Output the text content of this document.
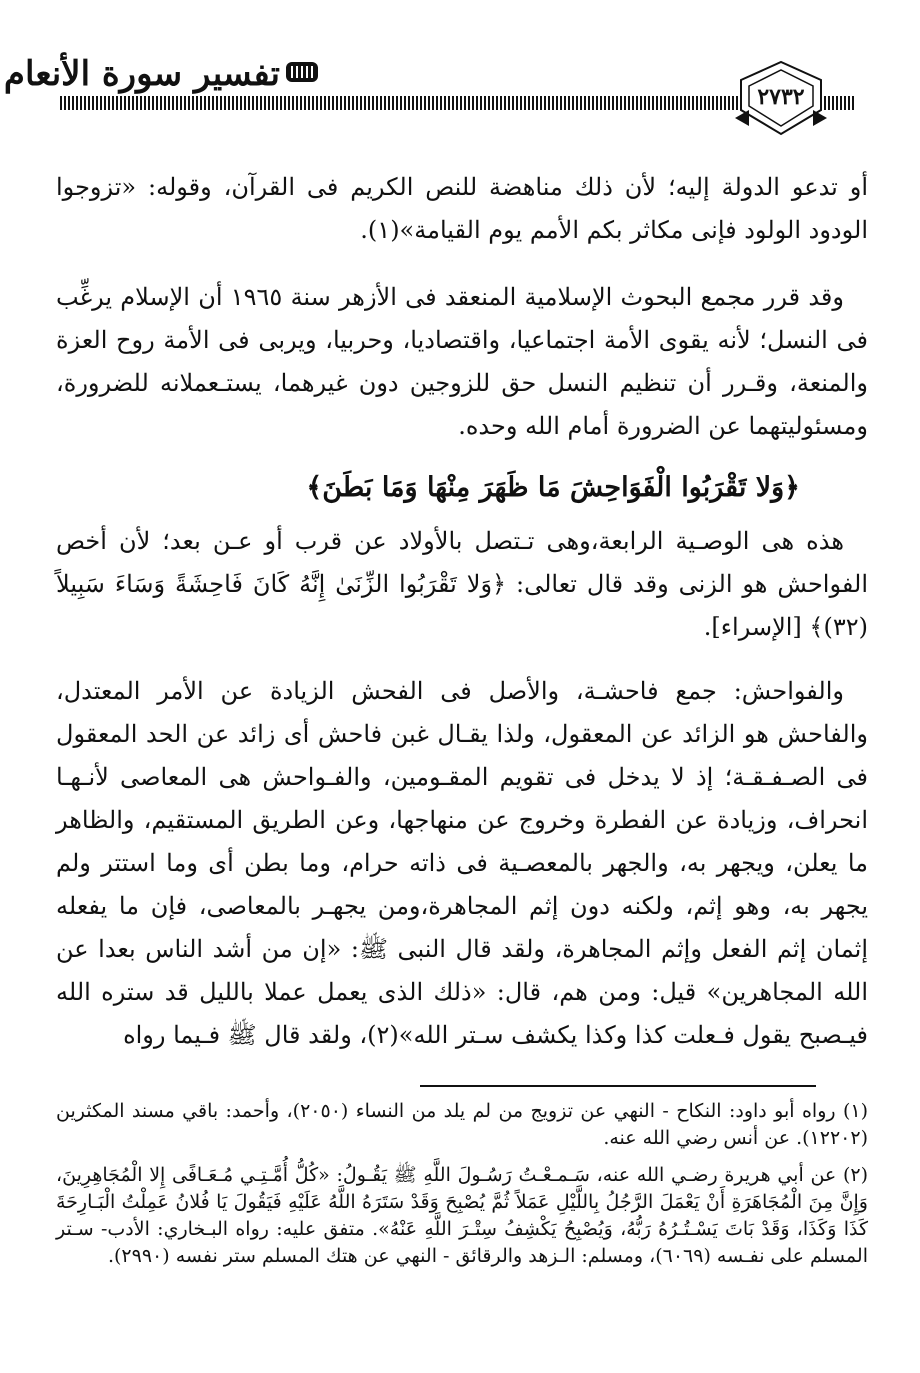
تفسير سورة الأنعام
٢٧٣٢
أو تدعو الدولة إليه؛ لأن ذلك مناهضة للنص الكريم فى القرآن، وقوله: «تزوجوا الودود الولود فإنى مكاثر بكم الأمم يوم القيامة»(١).
وقد قرر مجمع البحوث الإسلامية المنعقد فى الأزهر سنة ١٩٦٥ أن الإسلام يرغِّب فى النسل؛ لأنه يقوى الأمة اجتماعيا، واقتصاديا، وحربيا، ويربى فى الأمة روح العزة والمنعة، وقـرر أن تنظيم النسل حق للزوجين دون غيرهما، يستـعملانه للضرورة، ومسئوليتهما عن الضرورة أمام الله وحده.
﴿وَلا تَقْرَبُوا الْفَوَاحِشَ مَا ظَهَرَ مِنْهَا وَمَا بَطَنَ﴾
هذه هى الوصـية الرابعة،وهى تـتصل بالأولاد عن قرب أو عـن بعد؛ لأن أخص الفواحش هو الزنى وقد قال تعالى: ﴿وَلا تَقْرَبُوا الزِّنَىٰ إِنَّهُ كَانَ فَاحِشَةً وَسَاءَ سَبِيلاً (٣٢)﴾ [الإسراء].
والفواحش: جمع فاحشـة، والأصل فى الفحش الزيادة عن الأمر المعتدل، والفاحش هو الزائد عن المعقول، ولذا يقـال غبن فاحش أى زائد عن الحد المعقول فى الصـفـقـة؛ إذ لا يدخل فى تقويم المقـومين، والفـواحش هى المعاصى لأنـهـا انحراف، وزيادة عن الفطرة وخروج عن منهاجها، وعن الطريق المستقيم، والظاهر ما يعلن، ويجهر به، والجهر بالمعصـية فى ذاته حرام، وما بطن أى وما استتر ولم يجهر به، وهو إثم، ولكنه دون إثم المجاهرة،ومن يجهـر بالمعاصى، فإن ما يفعله إثمان إثم الفعل وإثم المجاهرة، ولقد قال النبى ﷺ: «إن من أشد الناس بعدا عن الله المجاهرين» قيل: ومن هم، قال: «ذلك الذى يعمل عملا بالليل قد ستره الله فيـصبح يقول فـعلت كذا وكذا يكشف سـتر الله»(٢)، ولقد قال ﷺ فـيما رواه
(١) رواه أبو داود: النكاح - النهي عن تزويج من لم يلد من النساء (٢٠٥٠)، وأحمد: باقي مسند المكثرين (١٢٢٠٢). عن أنس رضي الله عنه.
(٢) عن أبي هريرة رضـي الله عنه، سَـمـعْـتُ رَسُـولَ اللَّهِ ﷺ يَقُـولُ: «كُلُّ أُمَّـتِـي مُـعَـافًى إِلا الْمُجَاهِرِينَ، وَإِنَّ مِنَ الْمُجَاهَرَةِ أَنْ يَعْمَلَ الرَّجُلُ بِاللَّيْلِ عَمَلاً ثُمَّ يُصْبِحَ وَقَدْ سَتَرَهُ اللَّهُ عَلَيْهِ فَيَقُولَ يَا فُلانُ عَمِلْتُ الْبَـارِحَةَ كَذَا وَكَذَا، وَقَدْ بَاتَ يَسْـتُـرُهُ رَبُّهُ، وَيُصْبِحُ يَكْشِفُ سِتْـرَ اللَّهِ عَنْهُ». متفق عليه: رواه البـخاري: الأدب- سـتر المسلم على نفـسه (٦٠٦٩)، ومسلم: الـزهد والرقائق - النهي عن هتك المسلم ستر نفسه (٢٩٩٠).
